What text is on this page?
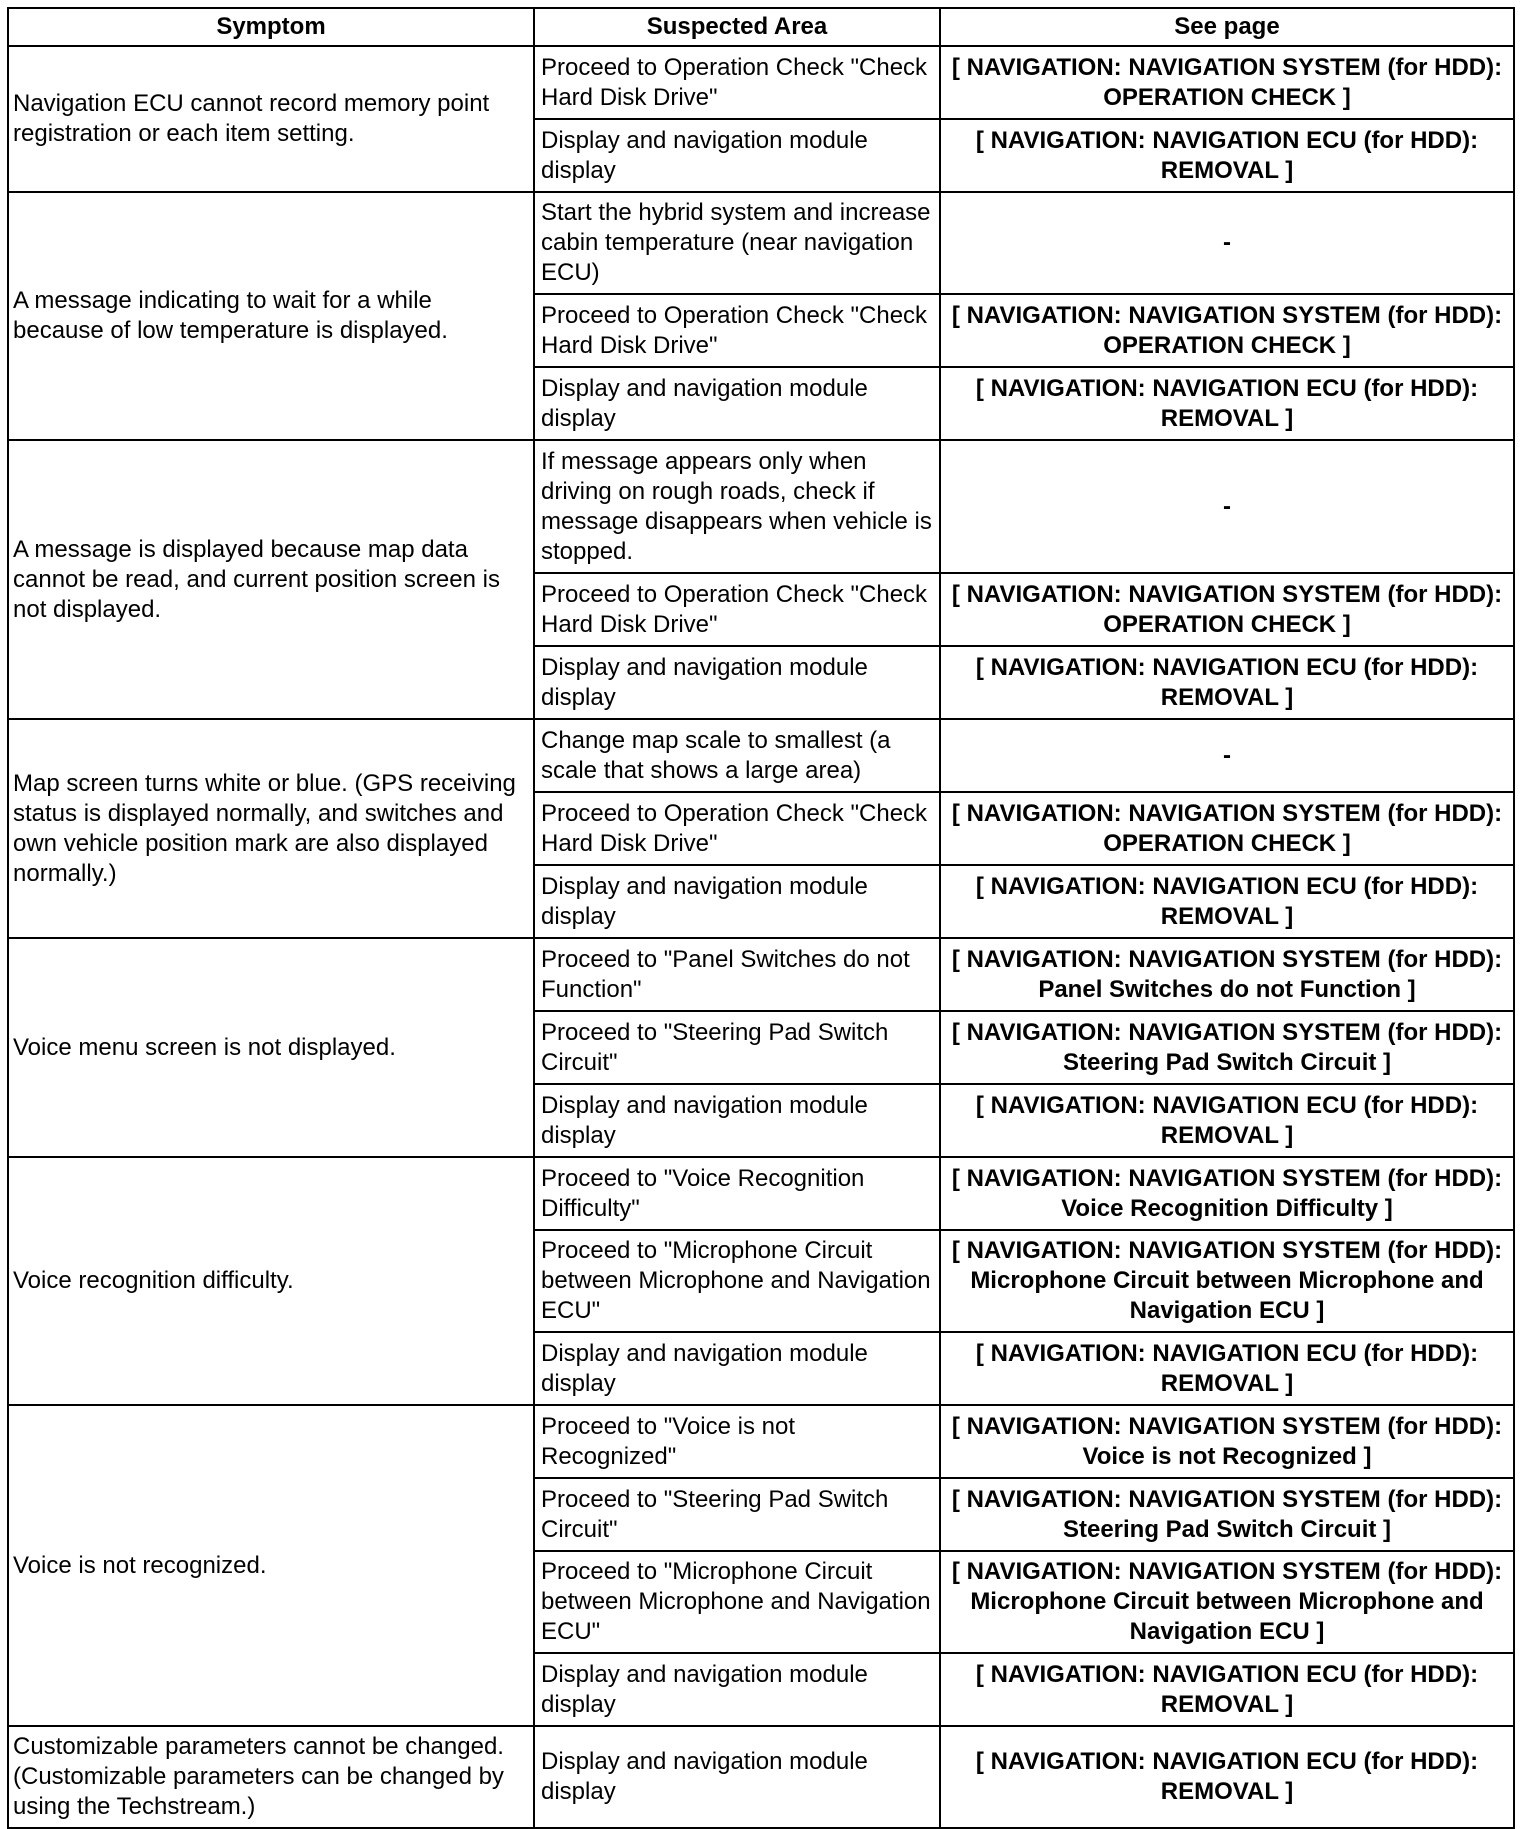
Symptom	Suspected Area	See page
Navigation ECU cannot record memory point registration or each item setting.	Proceed to Operation Check "Check Hard Disk Drive"	[ NAVIGATION: NAVIGATION SYSTEM (for HDD): OPERATION CHECK ]
	Display and navigation module display	[ NAVIGATION: NAVIGATION ECU (for HDD): REMOVAL ]
A message indicating to wait for a while because of low temperature is displayed.	Start the hybrid system and increase cabin temperature (near navigation ECU)	-
	Proceed to Operation Check "Check Hard Disk Drive"	[ NAVIGATION: NAVIGATION SYSTEM (for HDD): OPERATION CHECK ]
	Display and navigation module display	[ NAVIGATION: NAVIGATION ECU (for HDD): REMOVAL ]
A message is displayed because map data cannot be read, and current position screen is not displayed.	If message appears only when driving on rough roads, check if message disappears when vehicle is stopped.	-
	Proceed to Operation Check "Check Hard Disk Drive"	[ NAVIGATION: NAVIGATION SYSTEM (for HDD): OPERATION CHECK ]
	Display and navigation module display	[ NAVIGATION: NAVIGATION ECU (for HDD): REMOVAL ]
Map screen turns white or blue. (GPS receiving status is displayed normally, and switches and own vehicle position mark are also displayed normally.)	Change map scale to smallest (a scale that shows a large area)	-
	Proceed to Operation Check "Check Hard Disk Drive"	[ NAVIGATION: NAVIGATION SYSTEM (for HDD): OPERATION CHECK ]
	Display and navigation module display	[ NAVIGATION: NAVIGATION ECU (for HDD): REMOVAL ]
Voice menu screen is not displayed.	Proceed to "Panel Switches do not Function"	[ NAVIGATION: NAVIGATION SYSTEM (for HDD): Panel Switches do not Function ]
	Proceed to "Steering Pad Switch Circuit"	[ NAVIGATION: NAVIGATION SYSTEM (for HDD): Steering Pad Switch Circuit ]
	Display and navigation module display	[ NAVIGATION: NAVIGATION ECU (for HDD): REMOVAL ]
Voice recognition difficulty.	Proceed to "Voice Recognition Difficulty"	[ NAVIGATION: NAVIGATION SYSTEM (for HDD): Voice Recognition Difficulty ]
	Proceed to "Microphone Circuit between Microphone and Navigation ECU"	[ NAVIGATION: NAVIGATION SYSTEM (for HDD): Microphone Circuit between Microphone and Navigation ECU ]
	Display and navigation module display	[ NAVIGATION: NAVIGATION ECU (for HDD): REMOVAL ]
Voice is not recognized.	Proceed to "Voice is not Recognized"	[ NAVIGATION: NAVIGATION SYSTEM (for HDD): Voice is not Recognized ]
	Proceed to "Steering Pad Switch Circuit"	[ NAVIGATION: NAVIGATION SYSTEM (for HDD): Steering Pad Switch Circuit ]
	Proceed to "Microphone Circuit between Microphone and Navigation ECU"	[ NAVIGATION: NAVIGATION SYSTEM (for HDD): Microphone Circuit between Microphone and Navigation ECU ]
	Display and navigation module display	[ NAVIGATION: NAVIGATION ECU (for HDD): REMOVAL ]
Customizable parameters cannot be changed. (Customizable parameters can be changed by using the Techstream.)	Display and navigation module display	[ NAVIGATION: NAVIGATION ECU (for HDD): REMOVAL ]
